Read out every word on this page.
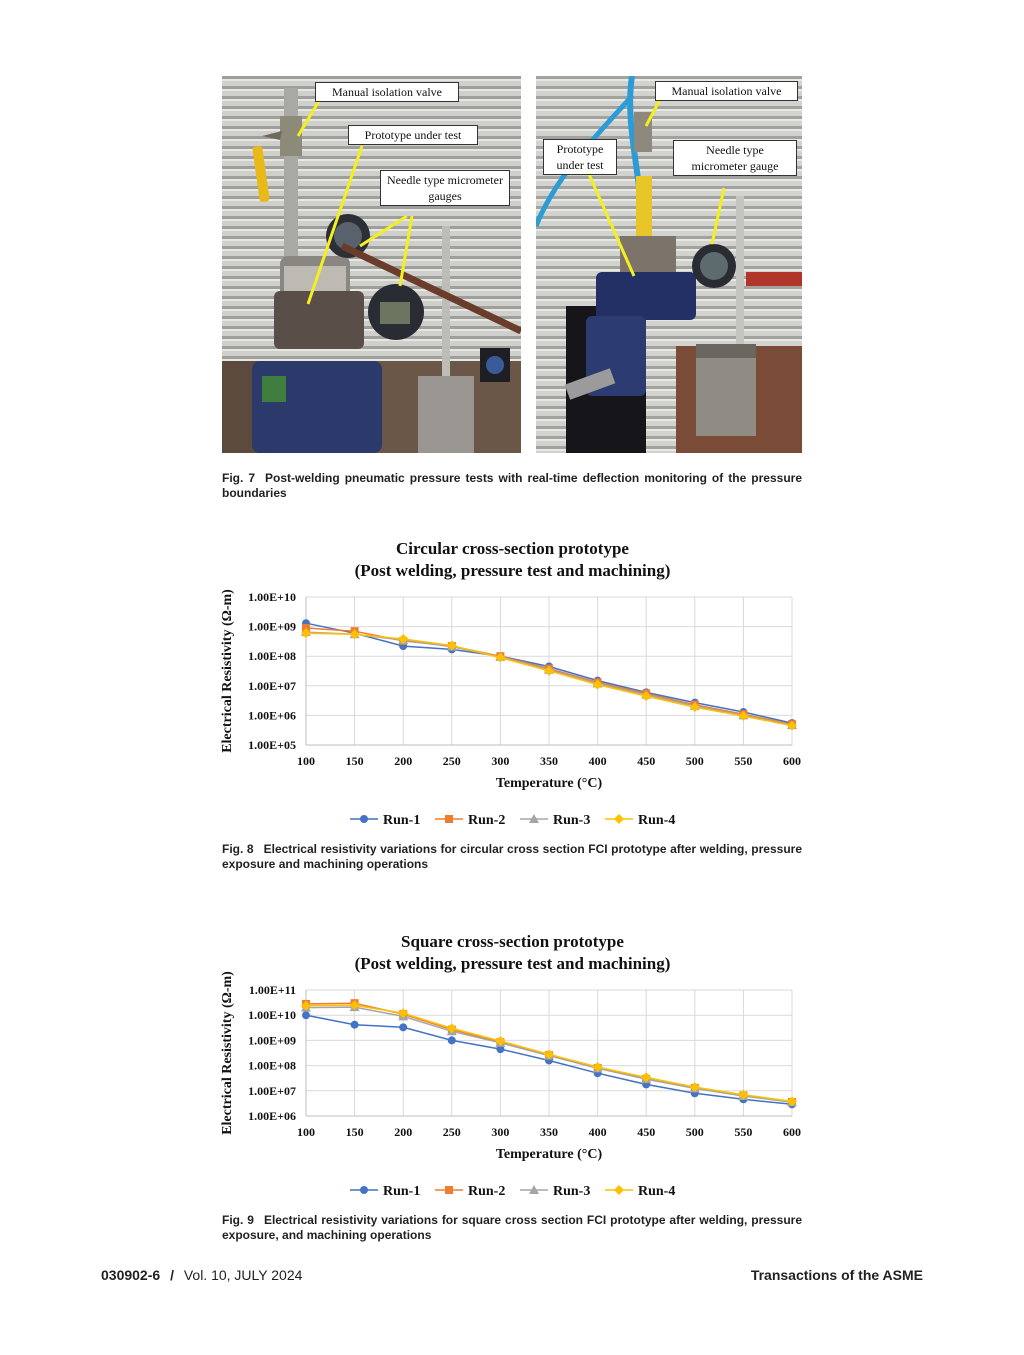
Manual isolation valve
Prototype under test
Needle type micrometer gauges
Manual isolation valve
Prototype under test
Needle type micrometer gauge
Fig. 7 Post-welding pneumatic pressure tests with real-time deflection monitoring of the pressure boundaries
Circular cross-section prototype
(Post welding, pressure test and machining)
1.00E+05
1.00E+06
1.00E+07
1.00E+08
1.00E+09
1.00E+10
100	150	200	250	300	350	400	450	500	550	600
Temperature (°C)
Electrical Resistivity (Ω-m)
Run-1	Run-2	Run-3	Run-4
Fig. 8 Electrical resistivity variations for circular cross section FCI prototype after welding, pressure exposure and machining operations
Square cross-section prototype
(Post welding, pressure test and machining)
1.00E+06
1.00E+07
1.00E+08
1.00E+09
1.00E+10
1.00E+11
100	150	200	250	300	350	400	450	500	550	600
Temperature (°C)
Electrical Resistivity (Ω-m)
Run-1	Run-2	Run-3	Run-4
Fig. 9 Electrical resistivity variations for square cross section FCI prototype after welding, pressure exposure, and machining operations
030902-6 / Vol. 10, JULY 2024	Transactions of the ASME
